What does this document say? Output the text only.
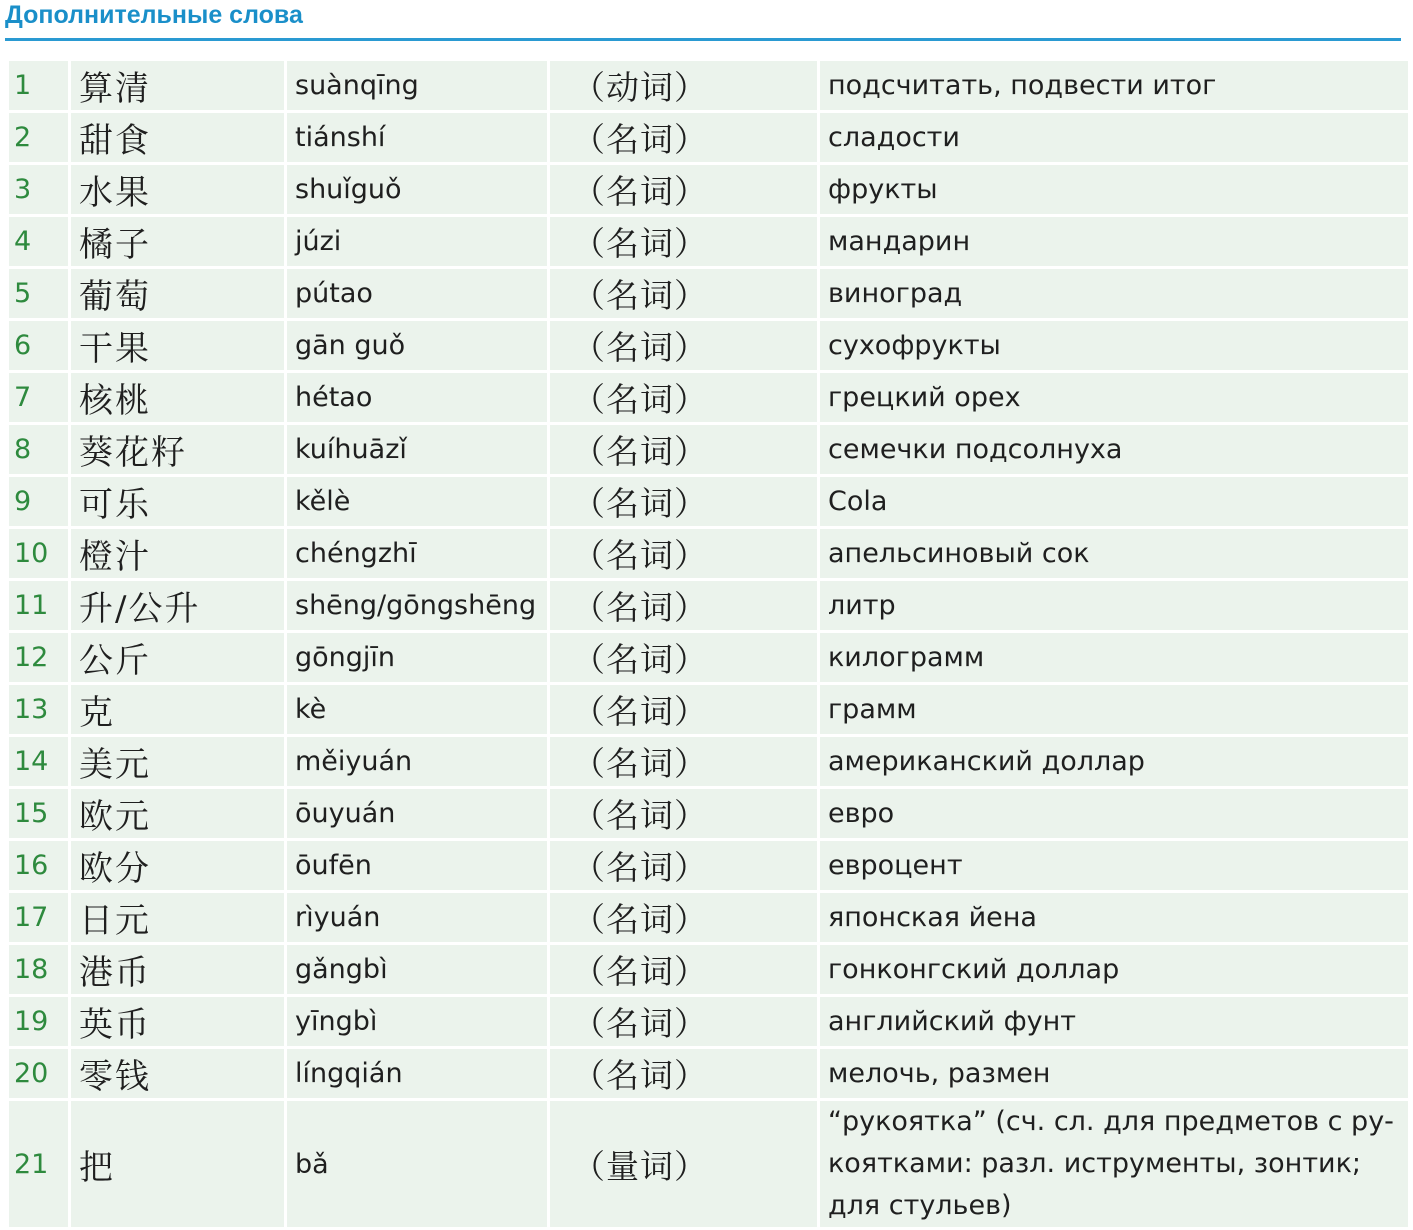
Дополнительные слова
1	算清	suànqīng	（动词）	подсчитать, подвести итог
2	甜食	tiánshí	（名词）	сладости
3	水果	shuǐguǒ	（名词）	фрукты
4	橘子	júzi	（名词）	мандарин
5	葡萄	pútao	（名词）	виноград
6	干果	gān guǒ	（名词）	сухофрукты
7	核桃	hétao	（名词）	грецкий орех
8	葵花籽	kuíhuāzǐ	（名词）	семечки подсолнуха
9	可乐	kělè	（名词）	Cola
10	橙汁	chéngzhī	（名词）	апельсиновый сок
11	升/公升	shēng/gōngshēng	（名词）	литр
12	公斤	gōngjīn	（名词）	килограмм
13	克	kè	（名词）	грамм
14	美元	měiyuán	（名词）	американский доллар
15	欧元	ōuyuán	（名词）	евро
16	欧分	ōufēn	（名词）	евроцент
17	日元	rìyuán	（名词）	японская йена
18	港币	gǎngbì	（名词）	гонконгский доллар
19	英币	yīngbì	（名词）	английский фунт
20	零钱	língqián	（名词）	мелочь, размен
21	把	bǎ	（量词）	“рукоятка” (сч. сл. для предметов с ру-коятками: разл. иструменты, зонтик; для стульев)
